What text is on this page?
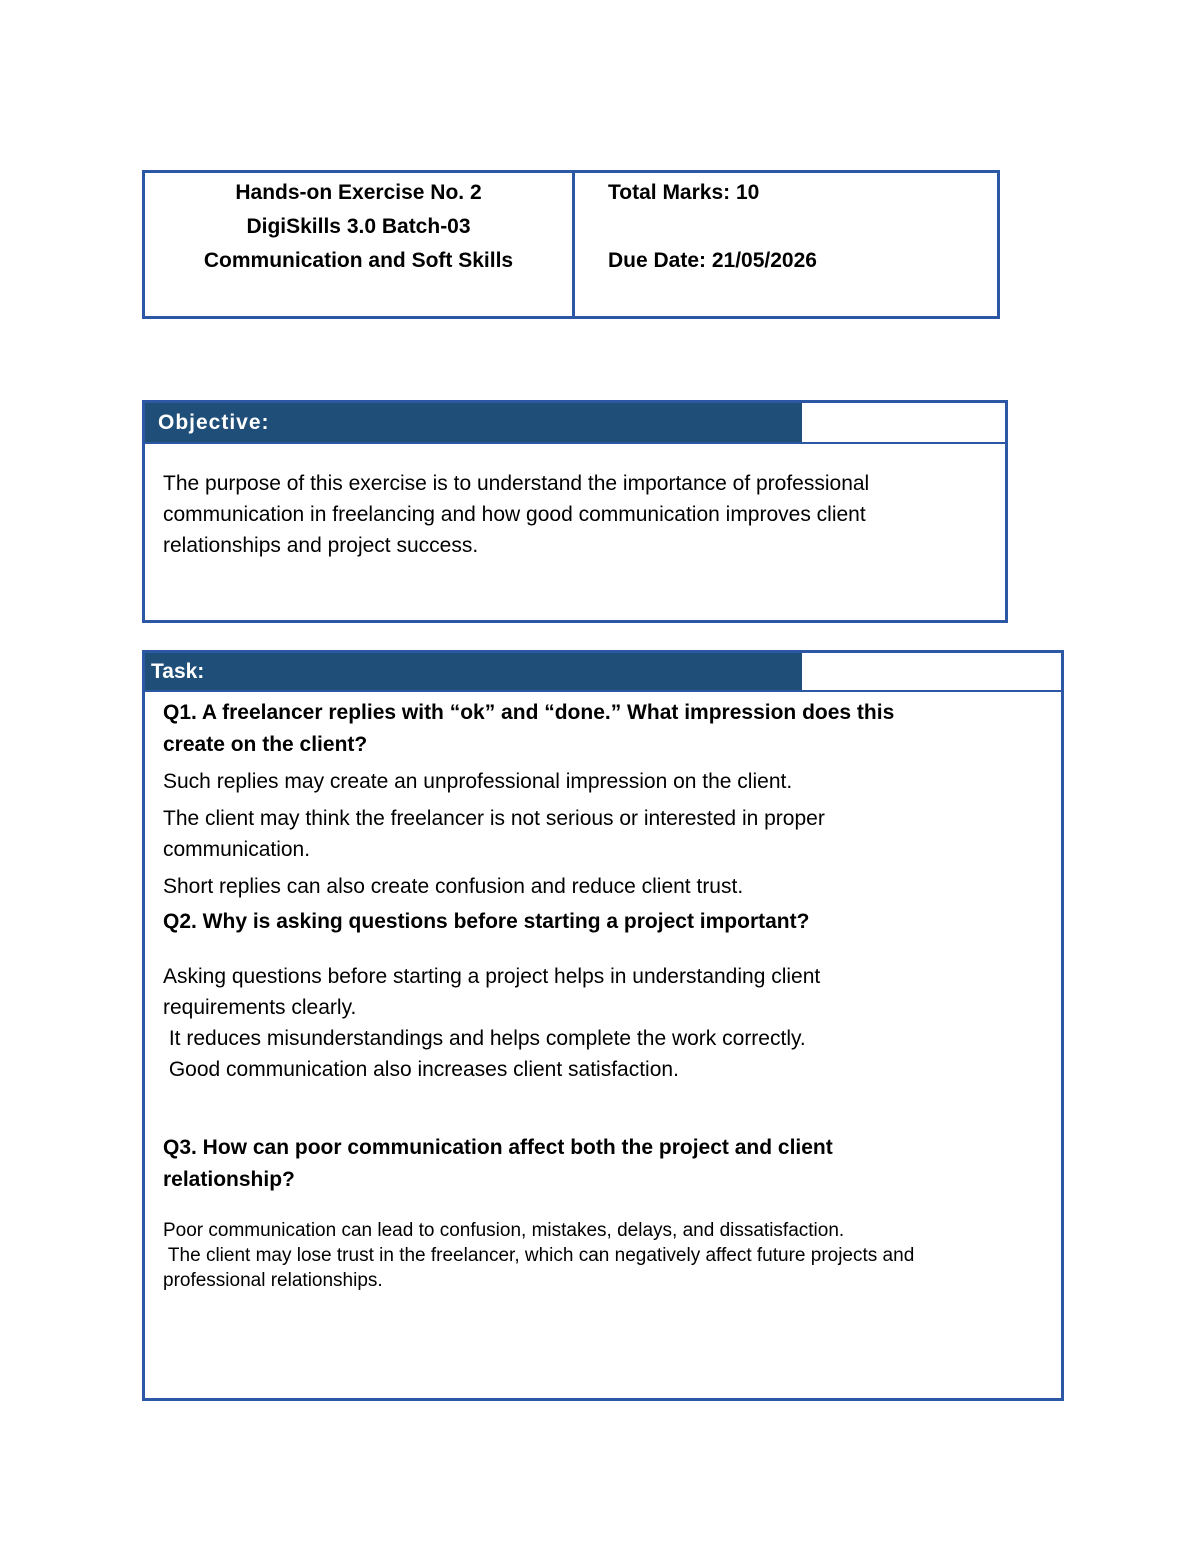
Hands-on Exercise No. 2
DigiSkills 3.0 Batch-03
Communication and Soft Skills
Total Marks: 10
Due Date: 21/05/2026
Objective:
The purpose of this exercise is to understand the importance of professional
communication in freelancing and how good communication improves client
relationships and project success.
Task:

Q1. A freelancer replies with “ok” and “done.” What impression does this

create on the client?

Such replies may create an unprofessional impression on the client.

The client may think the freelancer is not serious or interested in proper

communication.

Short replies can also create confusion and reduce client trust.

Q2. Why is asking questions before starting a project important?

Asking questions before starting a project helps in understanding client

requirements clearly.

It reduces misunderstandings and helps complete the work correctly.

Good communication also increases client satisfaction.

Q3. How can poor communication affect both the project and client

relationship?

Poor communication can lead to confusion, mistakes, delays, and dissatisfaction.

The client may lose trust in the freelancer, which can negatively affect future projects and

professional relationships.
